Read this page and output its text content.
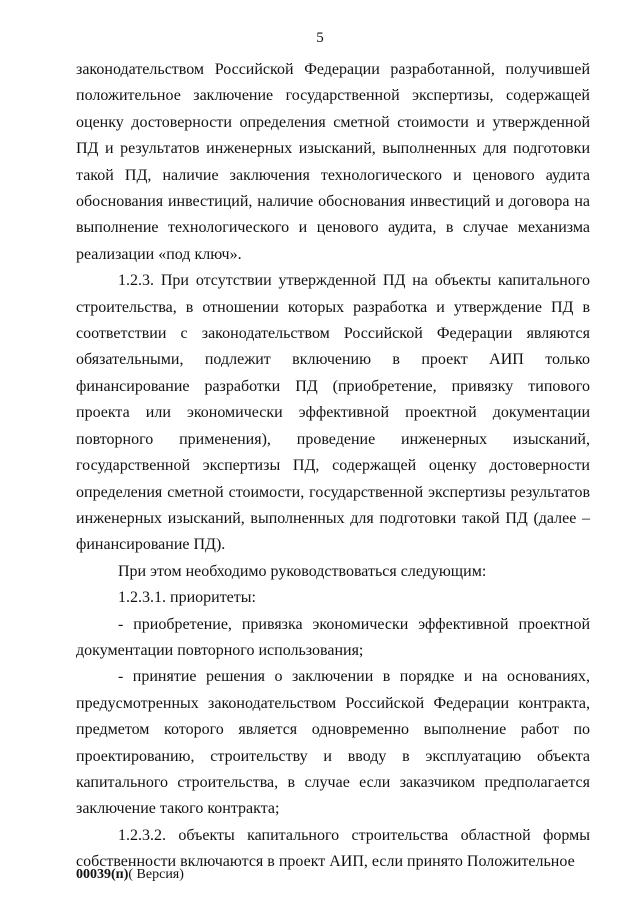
5

законодательством Российской Федерации разработанной, получившей положительное заключение государственной экспертизы, содержащей оценку достоверности определения сметной стоимости и утвержденной ПД и результатов инженерных изысканий, выполненных для подготовки такой ПД, наличие заключения технологического и ценового аудита обоснования инвестиций, наличие обоснования инвестиций и договора на выполнение технологического и ценового аудита, в случае механизма реализации «под ключ».

1.2.3. При отсутствии утвержденной ПД на объекты капитального строительства, в отношении которых разработка и утверждение ПД в соответствии с законодательством Российской Федерации являются обязательными, подлежит включению в проект АИП только финансирование разработки ПД (приобретение, привязку типового проекта или экономически эффективной проектной документации повторного применения), проведение инженерных изысканий, государственной экспертизы ПД, содержащей оценку достоверности определения сметной стоимости, государственной экспертизы результатов инженерных изысканий, выполненных для подготовки такой ПД (далее – финансирование ПД).

При этом необходимо руководствоваться следующим:

1.2.3.1. приоритеты:

- приобретение, привязка экономически эффективной проектной документации повторного использования;

- принятие решения о заключении в порядке и на основаниях, предусмотренных законодательством Российской Федерации контракта, предметом которого является одновременно выполнение работ по проектированию, строительству и вводу в эксплуатацию объекта капитального строительства, в случае если заказчиком предполагается заключение такого контракта;

1.2.3.2. объекты капитального строительства областной формы собственности включаются в проект АИП, если принято Положительное

00039(п)( Версия)
